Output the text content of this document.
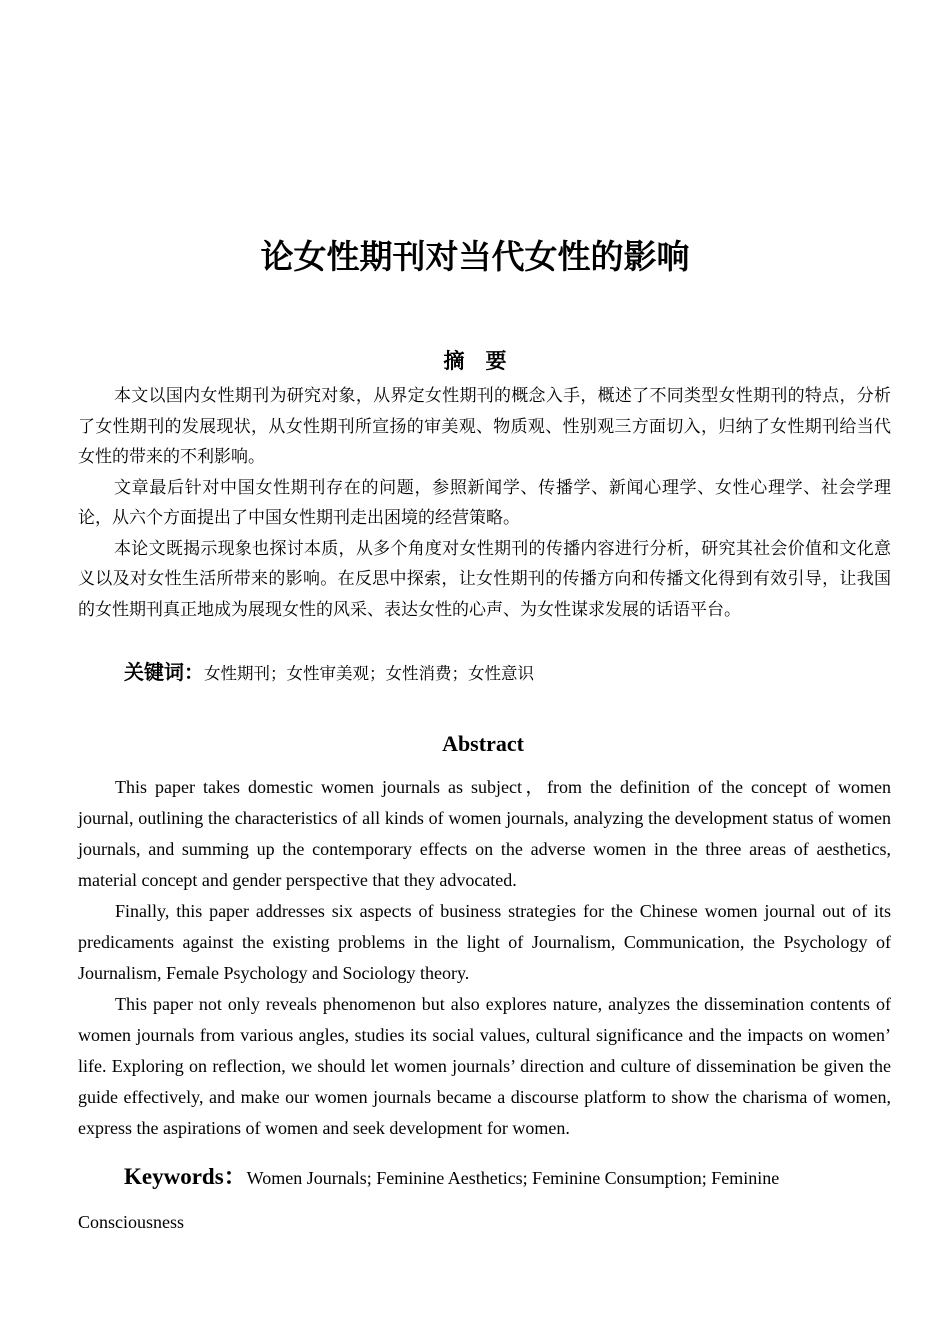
论女性期刊对当代女性的影响
摘　要

本文以国内女性期刊为研究对象，从界定女性期刊的概念入手，概述了不同类型女性期刊的特点，分析了女性期刊的发展现状，从女性期刊所宣扬的审美观、物质观、性别观三方面切入，归纳了女性期刊给当代女性的带来的不利影响。

文章最后针对中国女性期刊存在的问题，参照新闻学、传播学、新闻心理学、女性心理学、社会学理论，从六个方面提出了中国女性期刊走出困境的经营策略。

本论文既揭示现象也探讨本质，从多个角度对女性期刊的传播内容进行分析，研究其社会价值和文化意义以及对女性生活所带来的影响。在反思中探索，让女性期刊的传播方向和传播文化得到有效引导，让我国的女性期刊真正地成为展现女性的风采、表达女性的心声、为女性谋求发展的话语平台。

关键词：女性期刊；女性审美观；女性消费；女性意识
Abstract

This paper takes domestic women journals as subject，from the definition of the concept of women journal, outlining the characteristics of all kinds of women journals, analyzing the development status of women journals, and summing up the contemporary effects on the adverse women in the three areas of aesthetics, material concept and gender perspective that they advocated.

Finally, this paper addresses six aspects of business strategies for the Chinese women journal out of its predicaments against the existing problems in the light of Journalism, Communication, the Psychology of Journalism, Female Psychology and Sociology theory.

This paper not only reveals phenomenon but also explores nature, analyzes the dissemination contents of women journals from various angles, studies its social values, cultural significance and the impacts on women’ life. Exploring on reflection, we should let women journals’ direction and culture of dissemination be given the guide effectively, and make our women journals became a discourse platform to show the charisma of women, express the aspirations of women and seek development for women.

Keywords：Women Journals; Feminine Aesthetics; Feminine Consumption; Feminine Consciousness
